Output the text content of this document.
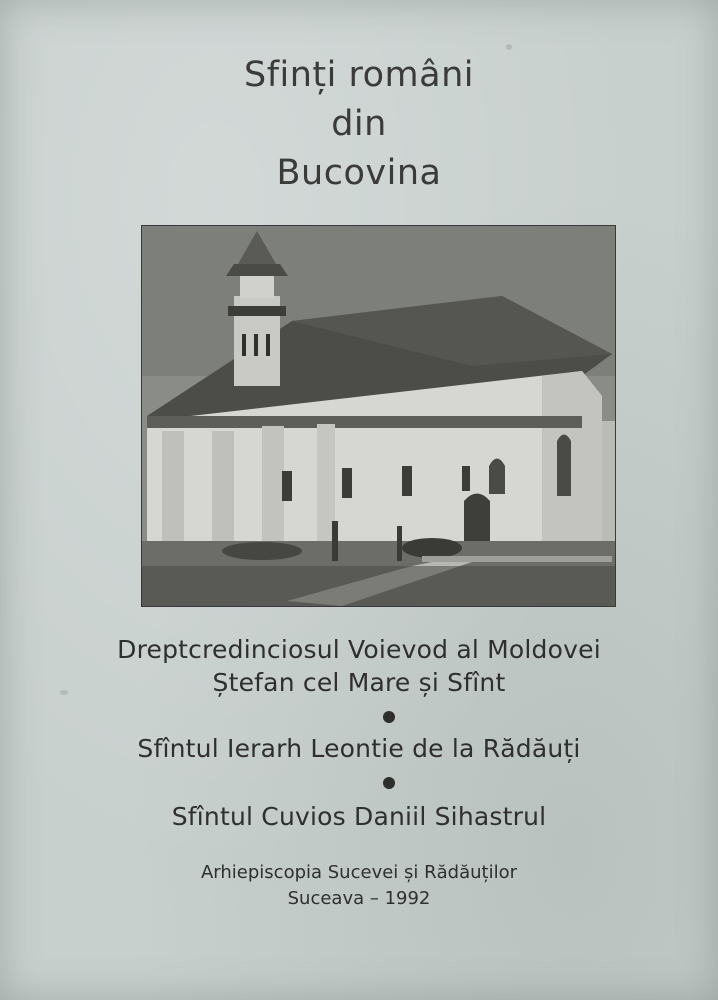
Sfinți români
din
Bucovina
Dreptcredinciosul Voievod al Moldovei
Ștefan cel Mare și Sfînt
Sfîntul Ierarh Leontie de la Rădăuți
Sfîntul Cuvios Daniil Sihastrul
Arhiepiscopia Sucevei și Rădăuților
Suceava – 1992
